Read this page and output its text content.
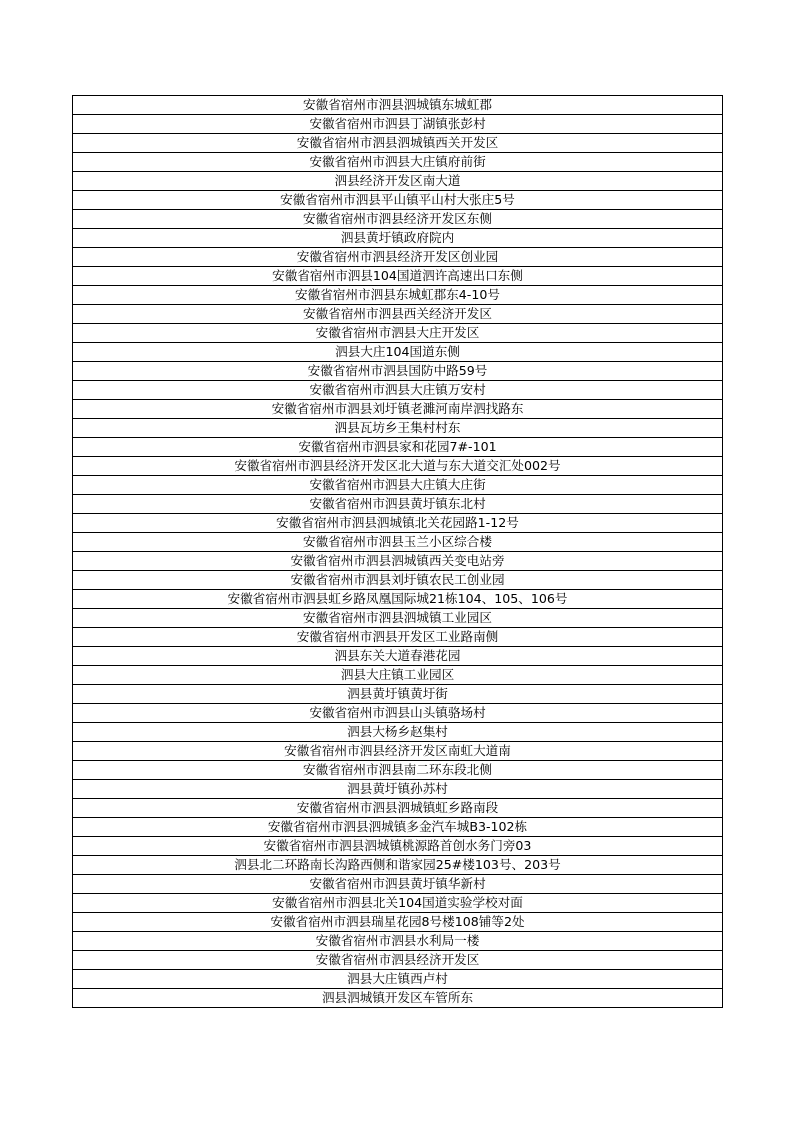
安徽省宿州市泗县泗城镇东城虹郡
安徽省宿州市泗县丁湖镇张彭村
安徽省宿州市泗县泗城镇西关开发区
安徽省宿州市泗县大庄镇府前街
泗县经济开发区南大道
安徽省宿州市泗县平山镇平山村大张庄5号
安徽省宿州市泗县经济开发区东侧
泗县黄圩镇政府院内
安徽省宿州市泗县经济开发区创业园
安徽省宿州市泗县104国道泗许高速出口东侧
安徽省宿州市泗县东城虹郡东4-10号
安徽省宿州市泗县西关经济开发区
安徽省宿州市泗县大庄开发区
泗县大庄104国道东侧
安徽省宿州市泗县国防中路59号
安徽省宿州市泗县大庄镇万安村
安徽省宿州市泗县刘圩镇老濉河南岸泗找路东
泗县瓦坊乡王集村村东
安徽省宿州市泗县家和花园7#-101
安徽省宿州市泗县经济开发区北大道与东大道交汇处002号
安徽省宿州市泗县大庄镇大庄街
安徽省宿州市泗县黄圩镇东北村
安徽省宿州市泗县泗城镇北关花园路1-12号
安徽省宿州市泗县玉兰小区综合楼
安徽省宿州市泗县泗城镇西关变电站旁
安徽省宿州市泗县刘圩镇农民工创业园
安徽省宿州市泗县虹乡路凤凰国际城21栋104、105、106号
安徽省宿州市泗县泗城镇工业园区
安徽省宿州市泗县开发区工业路南侧
泗县东关大道春港花园
泗县大庄镇工业园区
泗县黄圩镇黄圩街
安徽省宿州市泗县山头镇骆场村
泗县大杨乡赵集村
安徽省宿州市泗县经济开发区南虹大道南
安徽省宿州市泗县南二环东段北侧
泗县黄圩镇孙苏村
安徽省宿州市泗县泗城镇虹乡路南段
安徽省宿州市泗县泗城镇多金汽车城B3-102栋
安徽省宿州市泗县泗城镇桃源路首创水务门旁03
泗县北二环路南长沟路西侧和谐家园25#楼103号、203号
安徽省宿州市泗县黄圩镇华新村
安徽省宿州市泗县北关104国道实验学校对面
安徽省宿州市泗县瑞星花园8号楼108铺等2处
安徽省宿州市泗县水利局一楼
安徽省宿州市泗县经济开发区
泗县大庄镇西卢村
泗县泗城镇开发区车管所东
